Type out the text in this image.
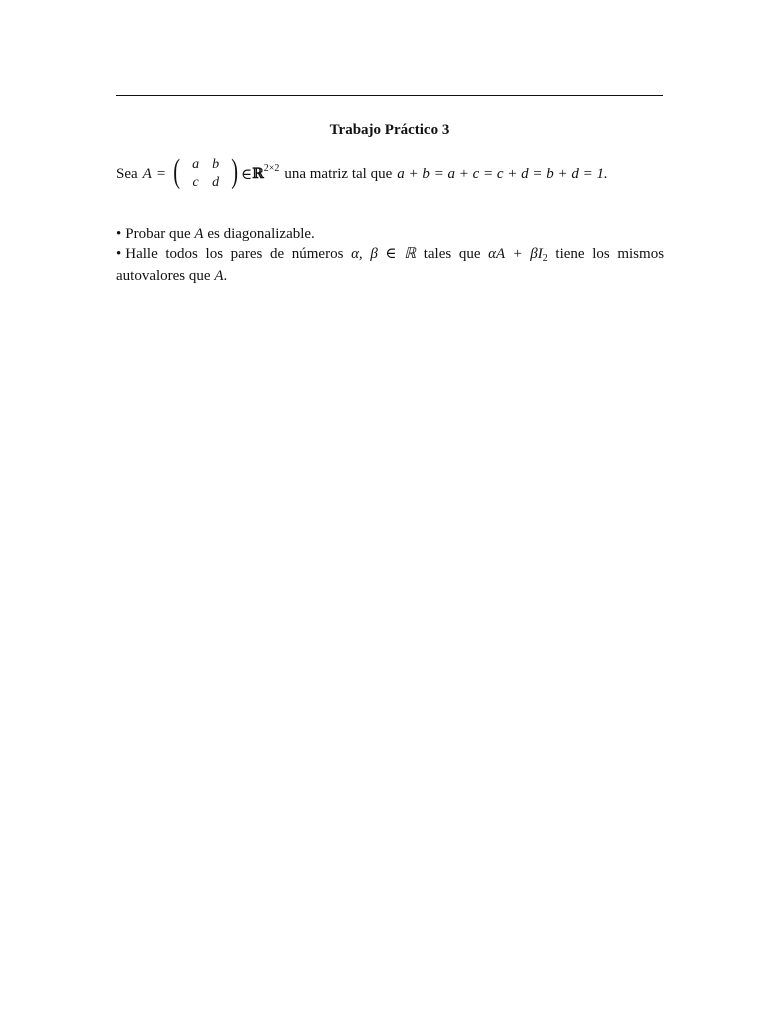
Trabajo Práctico 3
Sea A = ( a b
c d ) ∈ ℝ 2×2 una matriz tal que a + b = a + c = c + d = b + d = 1.

• Probar que A es diagonalizable.

• Halle todos los pares de números α, β ∈ ℝ tales que $\alpha A + \beta I_2$ tiene los mismos autovalores que A.
